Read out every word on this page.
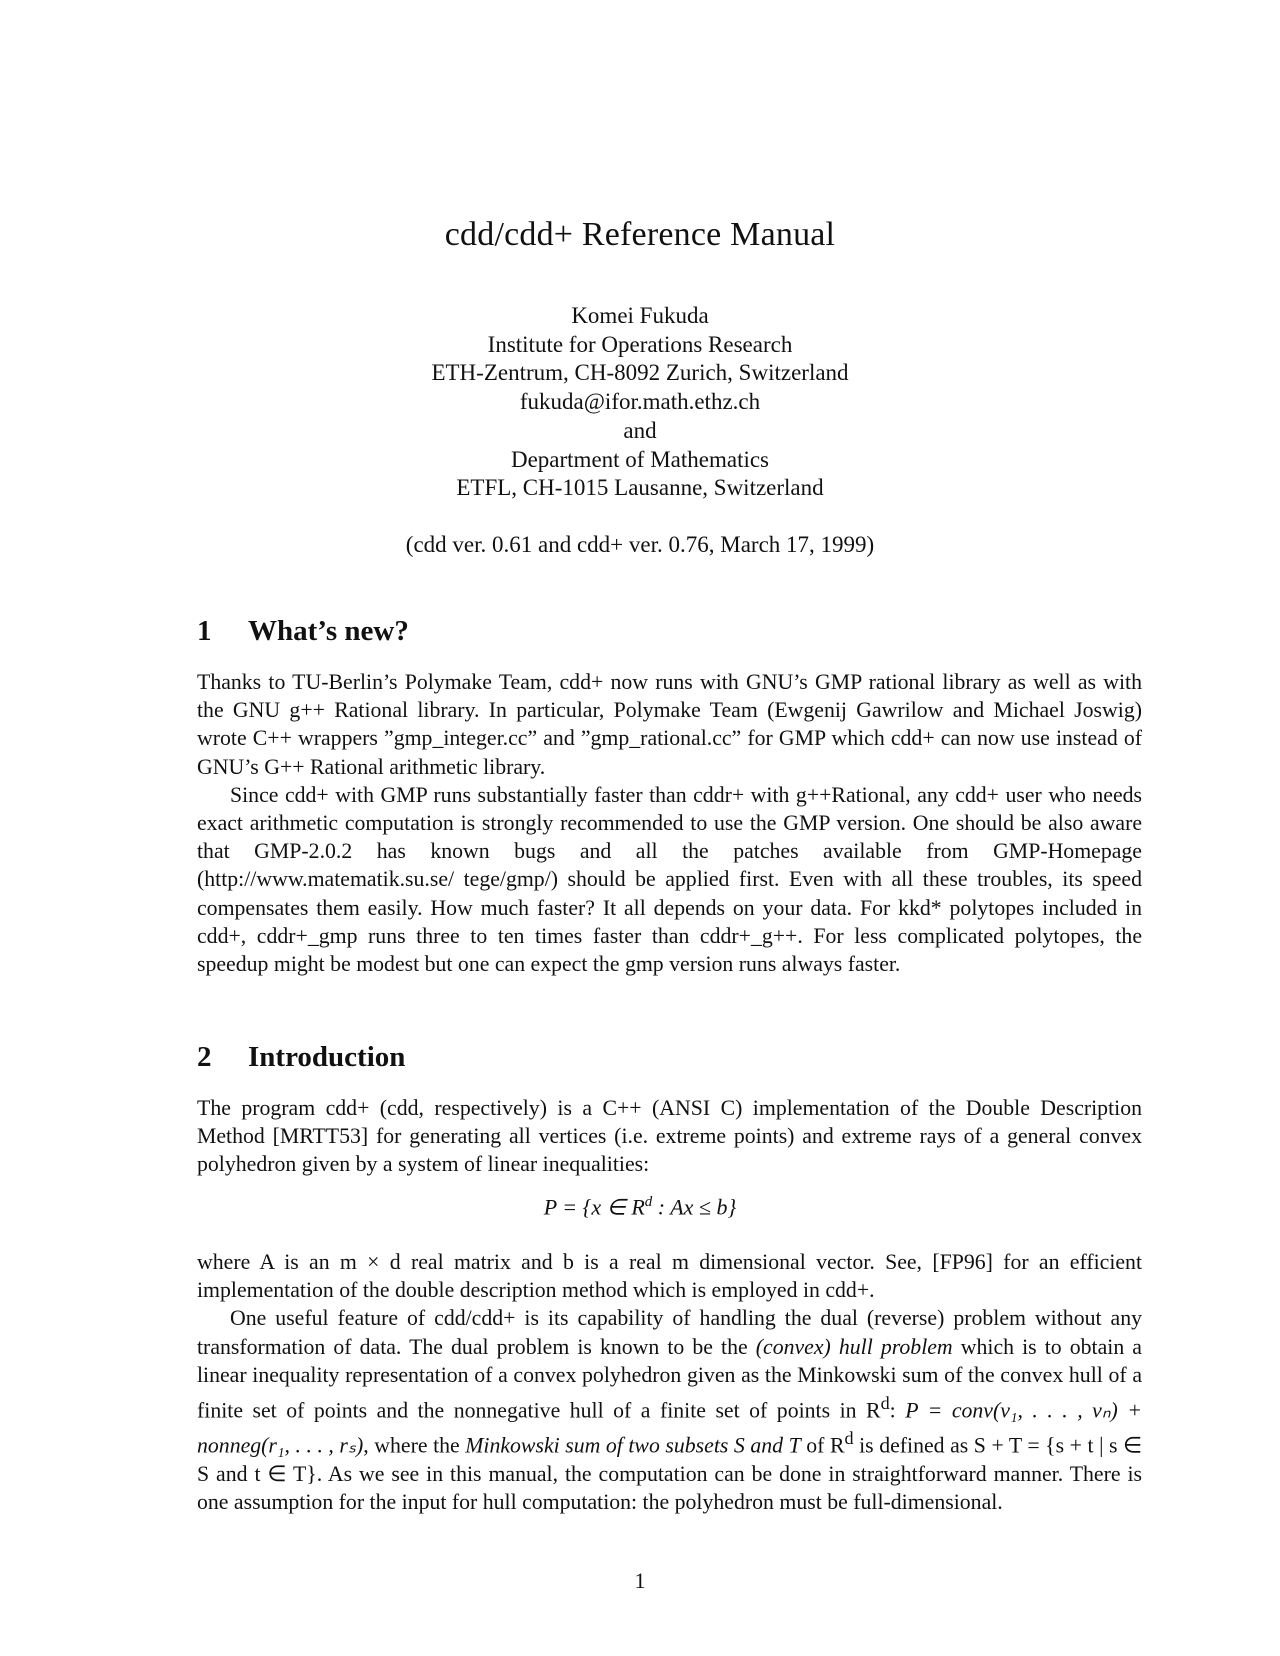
cdd/cdd+ Reference Manual
Komei Fukuda
Institute for Operations Research
ETH-Zentrum, CH-8092 Zurich, Switzerland
fukuda@ifor.math.ethz.ch
and
Department of Mathematics
ETFL, CH-1015 Lausanne, Switzerland
(cdd ver. 0.61 and cdd+ ver. 0.76, March 17, 1999)
1 What’s new?

Thanks to TU-Berlin’s Polymake Team, cdd+ now runs with GNU’s GMP rational library as well as with the GNU g++ Rational library. In particular, Polymake Team (Ewgenij Gawrilow and Michael Joswig) wrote C++ wrappers ”gmp_integer.cc” and ”gmp_rational.cc” for GMP which cdd+ can now use instead of GNU’s G++ Rational arithmetic library.

Since cdd+ with GMP runs substantially faster than cddr+ with g++Rational, any cdd+ user who needs exact arithmetic computation is strongly recommended to use the GMP version. One should be also aware that GMP-2.0.2 has known bugs and all the patches available from GMP-Homepage (http://www.matematik.su.se/ tege/gmp/) should be applied first. Even with all these troubles, its speed compensates them easily. How much faster? It all depends on your data. For kkd* polytopes included in cdd+, cddr+_gmp runs three to ten times faster than cddr+_g++. For less complicated polytopes, the speedup might be modest but one can expect the gmp version runs always faster.

2 Introduction

The program cdd+ (cdd, respectively) is a C++ (ANSI C) implementation of the Double Description Method [MRTT53] for generating all vertices (i.e. extreme points) and extreme rays of a general convex polyhedron given by a system of linear inequalities:

P = {x ∈ $R^d$ : Ax ≤ b}

where A is an m × d real matrix and b is a real m dimensional vector. See, [FP96] for an efficient implementation of the double description method which is employed in cdd+.

One useful feature of cdd/cdd+ is its capability of handling the dual (reverse) problem without any transformation of data. The dual problem is known to be the (convex) hull problem which is to obtain a linear inequality representation of a convex polyhedron given as the Minkowski sum of the convex hull of a finite set of points and the nonnegative hull of a finite set of points in $R^d$: P = conv(v₁, . . . , vₙ) + nonneg(r₁, . . . , rₛ), where the Minkowski sum of two subsets S and T of $R^d$ is defined as S + T = {s + t | s ∈ S and t ∈ T}. As we see in this manual, the computation can be done in straightforward manner. There is one assumption for the input for hull computation: the polyhedron must be full-dimensional.

1
